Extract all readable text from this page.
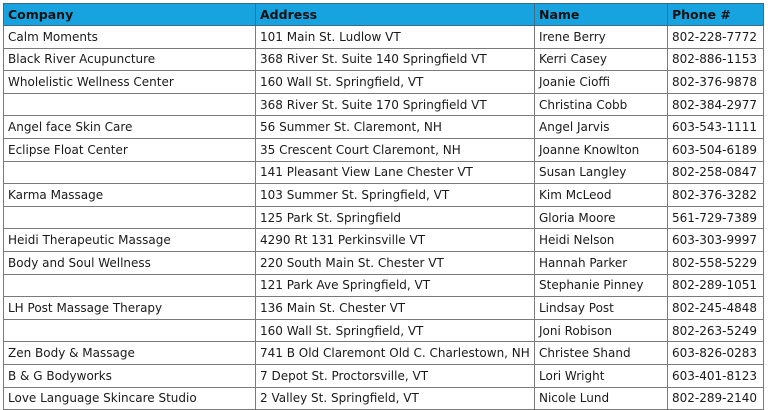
Company	Address	Name	Phone #
Calm Moments	101 Main St. Ludlow VT	Irene Berry	802-228-7772
Black River Acupuncture	368 River St. Suite 140 Springfield VT	Kerri Casey	802-886-1153
Wholelistic Wellness Center	160 Wall St. Springfield, VT	Joanie Cioffi	802-376-9878
	368 River St. Suite 170 Springfield VT	Christina Cobb	802-384-2977
Angel face Skin Care	56 Summer St. Claremont, NH	Angel Jarvis	603-543-1111
Eclipse Float Center	35 Crescent Court Claremont, NH	Joanne Knowlton	603-504-6189
	141 Pleasant View Lane Chester VT	Susan Langley	802-258-0847
Karma Massage	103 Summer St. Springfield, VT	Kim McLeod	802-376-3282
	125 Park St. Springfield	Gloria Moore	561-729-7389
Heidi Therapeutic Massage	4290 Rt 131 Perkinsville VT	Heidi Nelson	603-303-9997
Body and Soul Wellness	220 South Main St. Chester VT	Hannah Parker	802-558-5229
	121 Park Ave Springfield, VT	Stephanie Pinney	802-289-1051
LH Post Massage Therapy	136 Main St. Chester VT	Lindsay Post	802-245-4848
	160 Wall St. Springfield, VT	Joni Robison	802-263-5249
Zen Body & Massage	741 B Old Claremont Old C. Charlestown, NH	Christee Shand	603-826-0283
B & G Bodyworks	7 Depot St. Proctorsville, VT	Lori Wright	603-401-8123
Love Language Skincare Studio	2 Valley St. Springfield, VT	Nicole Lund	802-289-2140
